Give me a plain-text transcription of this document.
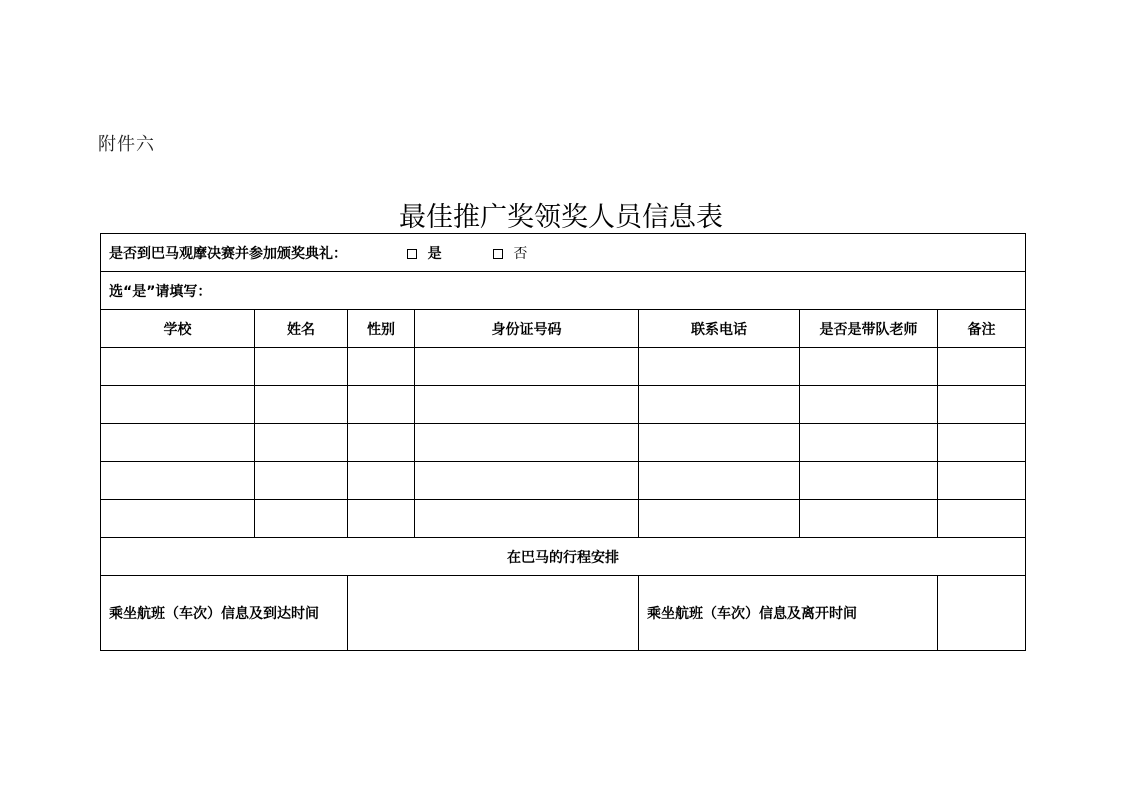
附件六
最佳推广奖领奖人员信息表
是否到巴马观摩决赛并参加颁奖典礼： 是 否						
选“是”请填写：						
学校	姓名	性别	身份证号码	联系电话	是否是带队老师	备注

在巴马的行程安排						
乘坐航班（车次）信息及到达时间				乘坐航班（车次）信息及离开时间		
